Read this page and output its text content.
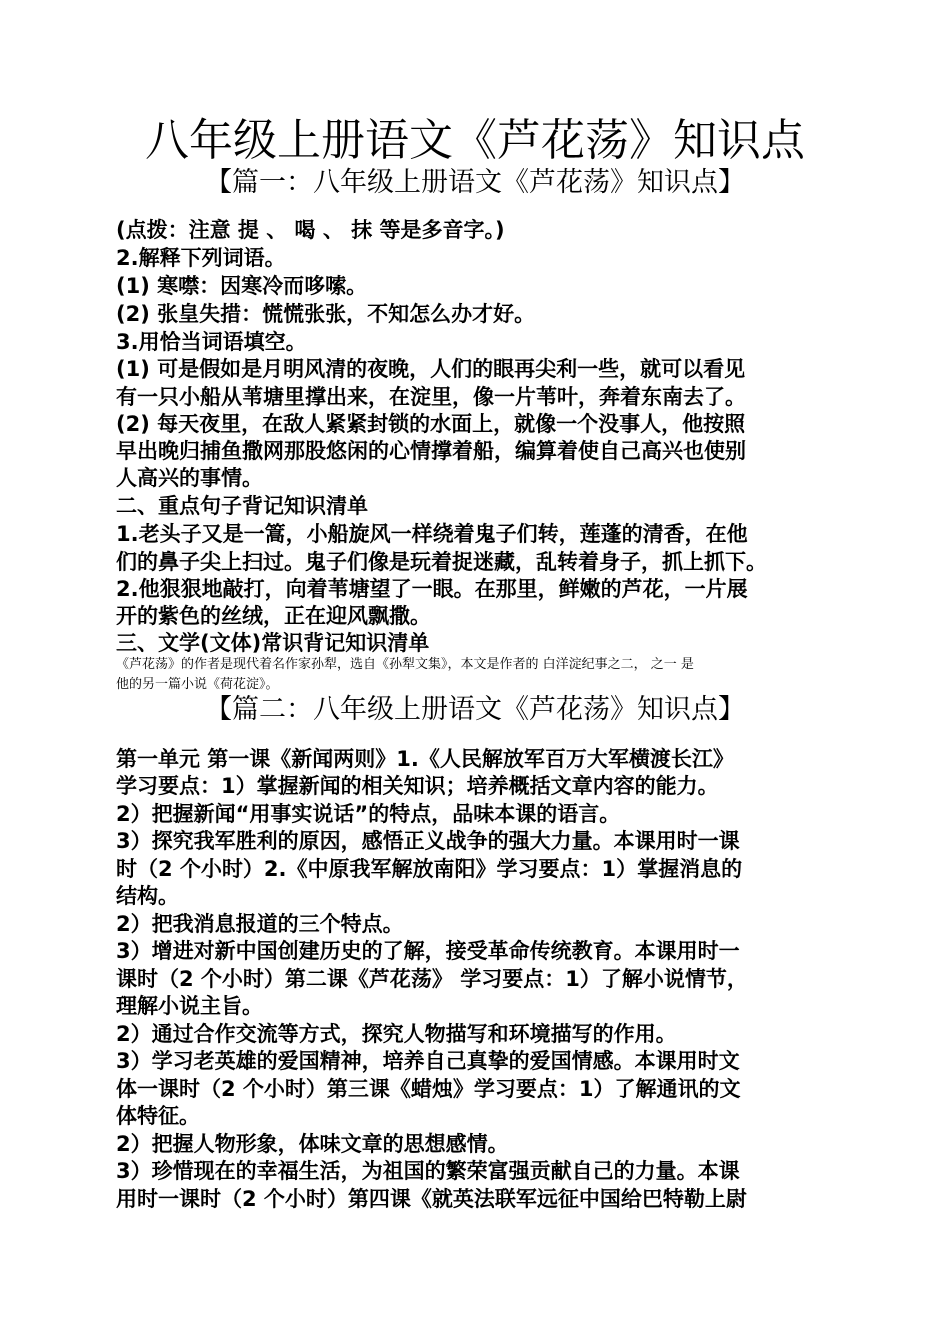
八年级上册语文《芦花荡》知识点
【篇一：八年级上册语文《芦花荡》知识点】

(点拨：注意 提 、 喝 、 抹 等是多音字。)

2.解释下列词语。

(1) 寒噤：因寒冷而哆嗦。

(2) 张皇失措：慌慌张张，不知怎么办才好。

3.用恰当词语填空。

(1) 可是假如是月明风清的夜晚，人们的眼再尖利一些，就可以看见

有一只小船从苇塘里撑出来，在淀里，像一片苇叶，奔着东南去了。

(2) 每天夜里，在敌人紧紧封锁的水面上，就像一个没事人，他按照

早出晚归捕鱼撒网那股悠闲的心情撑着船，编算着使自己高兴也使别

人高兴的事情。

二、重点句子背记知识清单

1.老头子又是一篙，小船旋风一样绕着鬼子们转，莲蓬的清香，在他

们的鼻子尖上扫过。鬼子们像是玩着捉迷藏，乱转着身子，抓上抓下。

2.他狠狠地敲打，向着苇塘望了一眼。在那里，鲜嫩的芦花，一片展

开的紫色的丝绒，正在迎风飘撒。

三、文学(文体)常识背记知识清单

《芦花荡》的作者是现代着名作家孙犁，选自《孙犁文集》，本文是作者的 白洋淀纪事之二， 之一 是

他的另一篇小说《荷花淀》。

【篇二：八年级上册语文《芦花荡》知识点】

第一单元 第一课《新闻两则》1.《人民解放军百万大军横渡长江》

学习要点：1）掌握新闻的相关知识；培养概括文章内容的能力。

2）把握新闻“用事实说话”的特点，品味本课的语言。

3）探究我军胜利的原因，感悟正义战争的强大力量。本课用时一课

时（2 个小时）2.《中原我军解放南阳》学习要点：1）掌握消息的

结构。

2）把我消息报道的三个特点。

3）增进对新中国创建历史的了解，接受革命传统教育。本课用时一

课时（2 个小时）第二课《芦花荡》 学习要点：1）了解小说情节，

理解小说主旨。

2）通过合作交流等方式，探究人物描写和环境描写的作用。

3）学习老英雄的爱国精神，培养自己真挚的爱国情感。本课用时文

体一课时（2 个小时）第三课《蜡烛》学习要点：1）了解通讯的文

体特征。

2）把握人物形象，体味文章的思想感情。

3）珍惜现在的幸福生活，为祖国的繁荣富强贡献自己的力量。本课

用时一课时（2 个小时）第四课《就英法联军远征中国给巴特勒上尉
